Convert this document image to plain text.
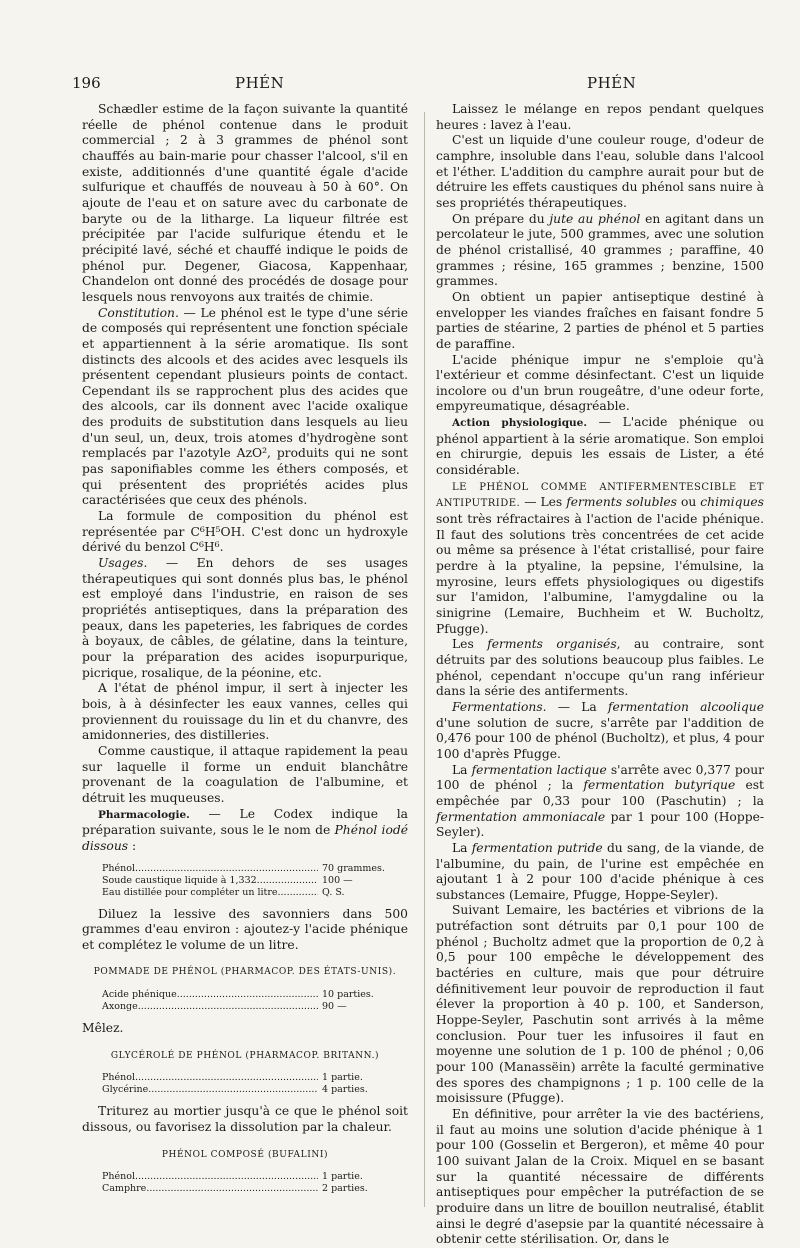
196	PHÉN	PHÉN

Schædler estime de la façon suivante la quantité réelle de phénol contenue dans le produit commercial ; 2 à 3 grammes de phénol sont chauffés au bain-marie pour chasser l'alcool, s'il en existe, additionnés d'une quantité égale d'acide sulfurique et chauffés de nouveau à 50 à 60°. On ajoute de l'eau et on sature avec du carbonate de baryte ou de la litharge. La liqueur filtrée est précipitée par l'acide sulfurique étendu et le précipité lavé, séché et chauffé indique le poids de phénol pur. Degener, Giacosa, Kappenhaar, Chandelon ont donné des procédés de dosage pour lesquels nous renvoyons aux traités de chimie.

Constitution. — Le phénol est le type d'une série de composés qui représentent une fonction spéciale et appartiennent à la série aromatique. Ils sont distincts des alcools et des acides avec lesquels ils présentent cependant plusieurs points de contact. Cependant ils se rapprochent plus des acides que des alcools, car ils donnent avec l'acide oxalique des produits de substitution dans lesquels au lieu d'un seul, un, deux, trois atomes d'hydrogène sont remplacés par l'azotyle AzO², produits qui ne sont pas saponifiables comme les éthers composés, et qui présentent des propriétés acides plus caractérisées que ceux des phénols.

La formule de composition du phénol est représentée par C⁶H⁵OH. C'est donc un hydroxyle dérivé du benzol C⁶H⁶.

Usages. — En dehors de ses usages thérapeutiques qui sont donnés plus bas, le phénol est employé dans l'industrie, en raison de ses propriétés antiseptiques, dans la préparation des peaux, dans les papeteries, les fabriques de cordes à boyaux, de câbles, de gélatine, dans la teinture, pour la préparation des acides isopurpurique, picrique, rosalique, de la péonine, etc.

A l'état de phénol impur, il sert à injecter les bois, à à désinfecter les eaux vannes, celles qui proviennent du rouissage du lin et du chanvre, des amidonneries, des distilleries.

Comme caustique, il attaque rapidement la peau sur laquelle il forme un enduit blanchâtre provenant de la coagulation de l'albumine, et détruit les muqueuses.

Pharmacologie. — Le Codex indique la préparation suivante, sous le le nom de Phénol iodé dissous :

Phénol .....	70 grammes.
Soude caustique liquide à 1,332 .....	100 —
Eau distillée pour compléter un litre .....	Q. S.

Diluez la lessive des savonniers dans 500 grammes d'eau environ : ajoutez-y l'acide phénique et complétez le volume de un litre.

POMMADE DE PHÉNOL (PHARMACOP. DES ÉTATS-UNIS).
Acide phénique .....	10 parties.
Axonge .....	90 —

Mêlez.

GLYCÉROLÉ DE PHÉNOL (PHARMACOP. BRITANN.)
Phénol .....	1 partie.
Glycérine .....	4 parties.

Triturez au mortier jusqu'à ce que le phénol soit dissous, ou favorisez la dissolution par la chaleur.

PHÉNOL COMPOSÉ (BUFALINI)
Phénol .....	1 partie.
Camphre .....	2 parties.

Laissez le mélange en repos pendant quelques heures : lavez à l'eau.

C'est un liquide d'une couleur rouge, d'odeur de camphre, insoluble dans l'eau, soluble dans l'alcool et l'éther. L'addition du camphre aurait pour but de détruire les effets caustiques du phénol sans nuire à ses propriétés thérapeutiques.

On prépare du jute au phénol en agitant dans un percolateur le jute, 500 grammes, avec une solution de phénol cristallisé, 40 grammes ; paraffine, 40 grammes ; résine, 165 grammes ; benzine, 1500 grammes.

On obtient un papier antiseptique destiné à envelopper les viandes fraîches en faisant fondre 5 parties de stéarine, 2 parties de phénol et 5 parties de paraffine.

L'acide phénique impur ne s'emploie qu'à l'extérieur et comme désinfectant. C'est un liquide incolore ou d'un brun rougeâtre, d'une odeur forte, empyreumatique, désagréable.

Action physiologique. — L'acide phénique ou phénol appartient à la série aromatique. Son emploi en chirurgie, depuis les essais de Lister, a été considérable.

LE PHÉNOL COMME ANTIFERMENTESCIBLE ET ANTIPUTRIDE. — Les ferments solubles ou chimiques sont très réfractaires à l'action de l'acide phénique. Il faut des solutions très concentrées de cet acide ou même sa présence à l'état cristallisé, pour faire perdre à la ptyaline, la pepsine, l'émulsine, la myrosine, leurs effets physiologiques ou digestifs sur l'amidon, l'albumine, l'amygdaline ou la sinigrine (Lemaire, Buchheim et W. Bucholtz, Pfugge).

Les ferments organisés, au contraire, sont détruits par des solutions beaucoup plus faibles. Le phénol, cependant n'occupe qu'un rang inférieur dans la série des antiferments.

Fermentations. — La fermentation alcoolique d'une solution de sucre, s'arrête par l'addition de 0,476 pour 100 de phénol (Bucholtz), et plus, 4 pour 100 d'après Pfugge.

La fermentation lactique s'arrête avec 0,377 pour 100 de phénol ; la fermentation butyrique est empêchée par 0,33 pour 100 (Paschutin) ; la fermentation ammoniacale par 1 pour 100 (Hoppe-Seyler).

La fermentation putride du sang, de la viande, de l'albumine, du pain, de l'urine est empêchée en ajoutant 1 à 2 pour 100 d'acide phénique à ces substances (Lemaire, Pfugge, Hoppe-Seyler).

Suivant Lemaire, les bactéries et vibrions de la putréfaction sont détruits par 0,1 pour 100 de phénol ; Bucholtz admet que la proportion de 0,2 à 0,5 pour 100 empêche le développement des bactéries en culture, mais que pour détruire définitivement leur pouvoir de reproduction il faut élever la proportion à 40 p. 100, et Sanderson, Hoppe-Seyler, Paschutin sont arrivés à la même conclusion. Pour tuer les infusoires il faut en moyenne une solution de 1 p. 100 de phénol ; 0,06 pour 100 (Manassëin) arrête la faculté germinative des spores des champignons ; 1 p. 100 celle de la moisissure (Pfugge).

En définitive, pour arrêter la vie des bactériens, il faut au moins une solution d'acide phénique à 1 pour 100 (Gosselin et Bergeron), et même 40 pour 100 suivant Jalan de la Croix. Miquel en se basant sur la quantité nécessaire de différents antiseptiques pour empêcher la putréfaction de se produire dans un litre de bouillon neutralisé, établit ainsi le degré d'asepsie par la quantité nécessaire à obtenir cette stérilisation. Or, dans le
